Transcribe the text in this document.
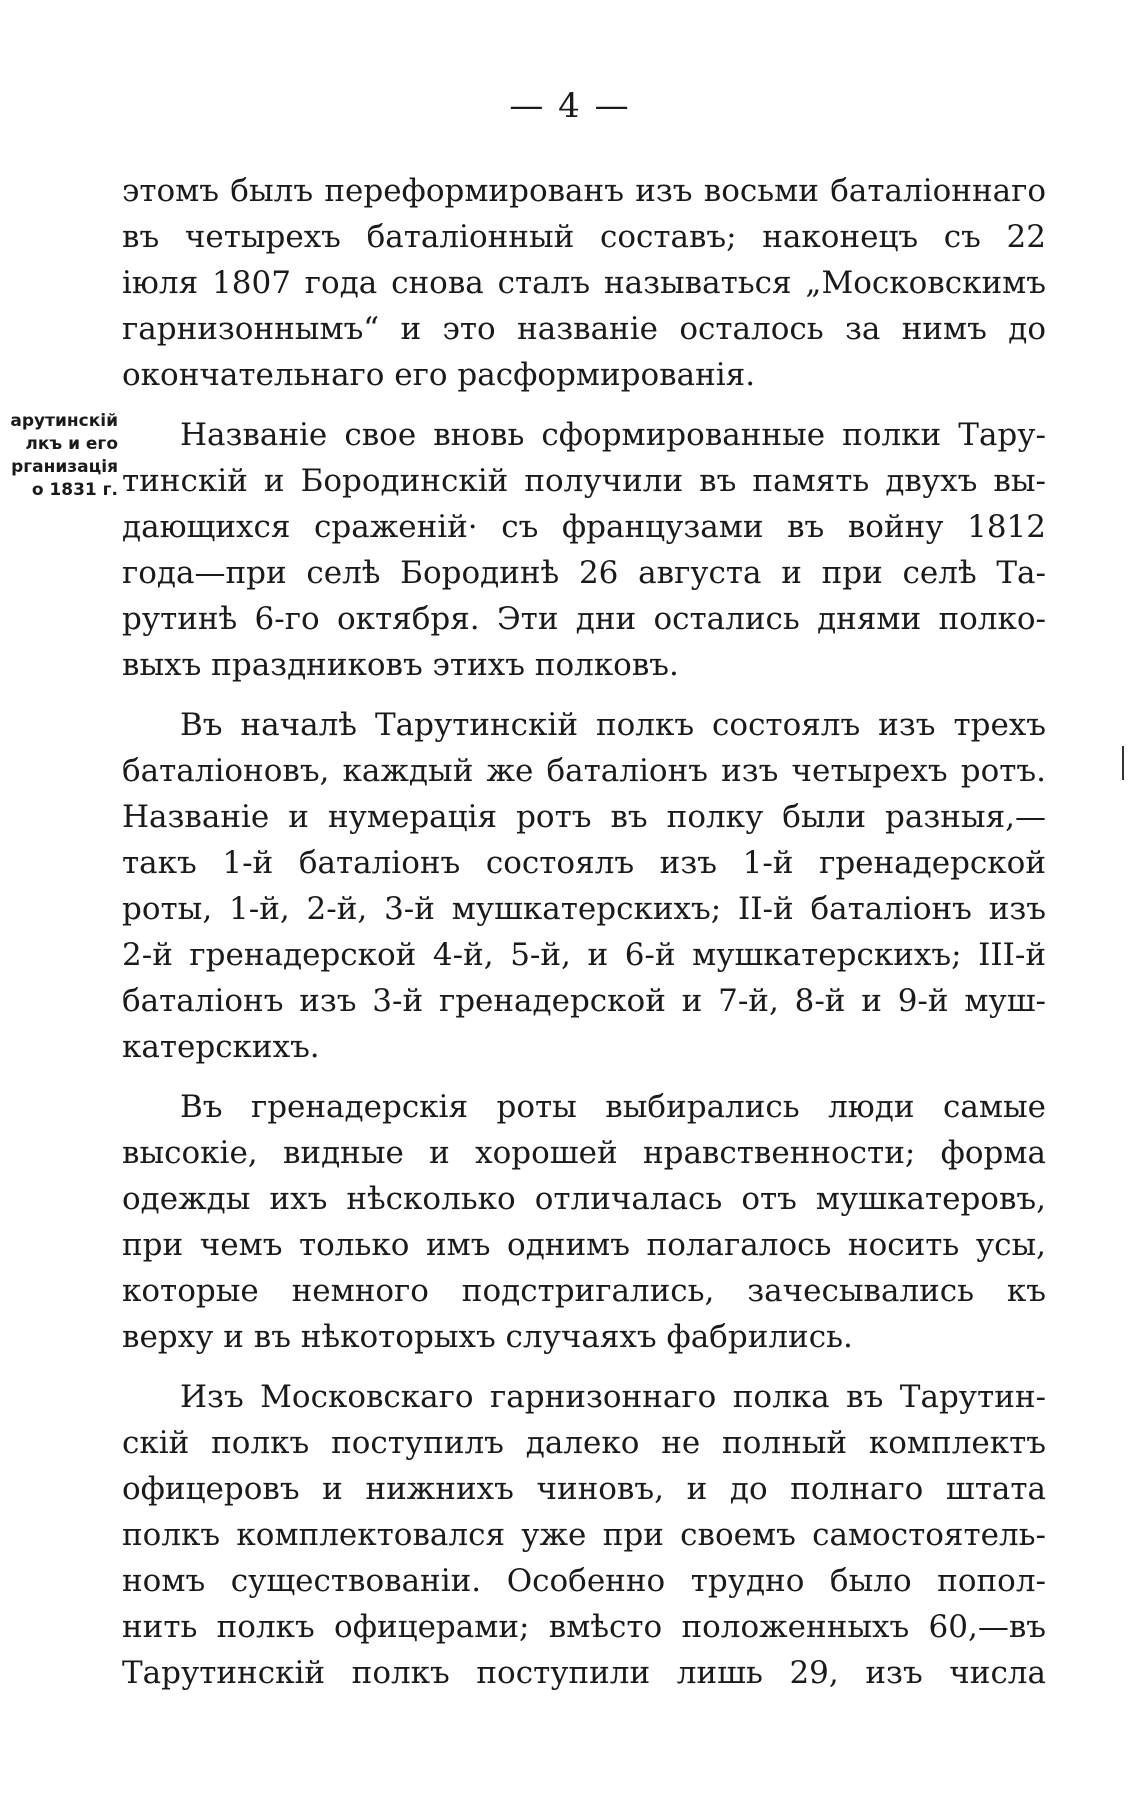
— 4 —
арутинскій
лкъ и его
рганизація
о 1831 г.
этомъ былъ переформированъ изъ восьми баталіоннаго
въ четырехъ баталіонный составъ; наконецъ съ 22
іюля 1807 года снова сталъ называться „Московскимъ
гарнизоннымъ“ и это названіе осталось за нимъ до
окончательнаго его расформированія.
Названіе свое вновь сформированные полки Тару-
тинскій и Бородинскій получили въ память двухъ вы-
дающихся сраженій· съ французами въ войну 1812
года—при селѣ Бородинѣ 26 августа и при селѣ Та-
рутинѣ 6-го октября. Эти дни остались днями полко-
выхъ праздниковъ этихъ полковъ.
Въ началѣ Тарутинскій полкъ состоялъ изъ трехъ
баталіоновъ, каждый же баталіонъ изъ четырехъ ротъ.
Названіе и нумерація ротъ въ полку были разныя,—
такъ 1-й баталіонъ состоялъ изъ 1-й гренадерской
роты, 1-й, 2-й, 3-й мушкатерскихъ; II-й баталіонъ изъ
2-й гренадерской 4-й, 5-й, и 6-й мушкатерскихъ; III-й
баталіонъ изъ 3-й гренадерской и 7-й, 8-й и 9-й муш-
катерскихъ.
Въ гренадерскія роты выбирались люди самые
высокіе, видные и хорошей нравственности; форма
одежды ихъ нѣсколько отличалась отъ мушкатеровъ,
при чемъ только имъ однимъ полагалось носить усы,
которые немного подстригались, зачесывались къ
верху и въ нѣкоторыхъ случаяхъ фабрились.
Изъ Московскаго гарнизоннаго полка въ Тарутин-
скій полкъ поступилъ далеко не полный комплектъ
офицеровъ и нижнихъ чиновъ, и до полнаго штата
полкъ комплектовался уже при своемъ самостоятель-
номъ существованіи. Особенно трудно было попол-
нить полкъ офицерами; вмѣсто положенныхъ 60,—въ
Тарутинскій полкъ поступили лишь 29, изъ числа
